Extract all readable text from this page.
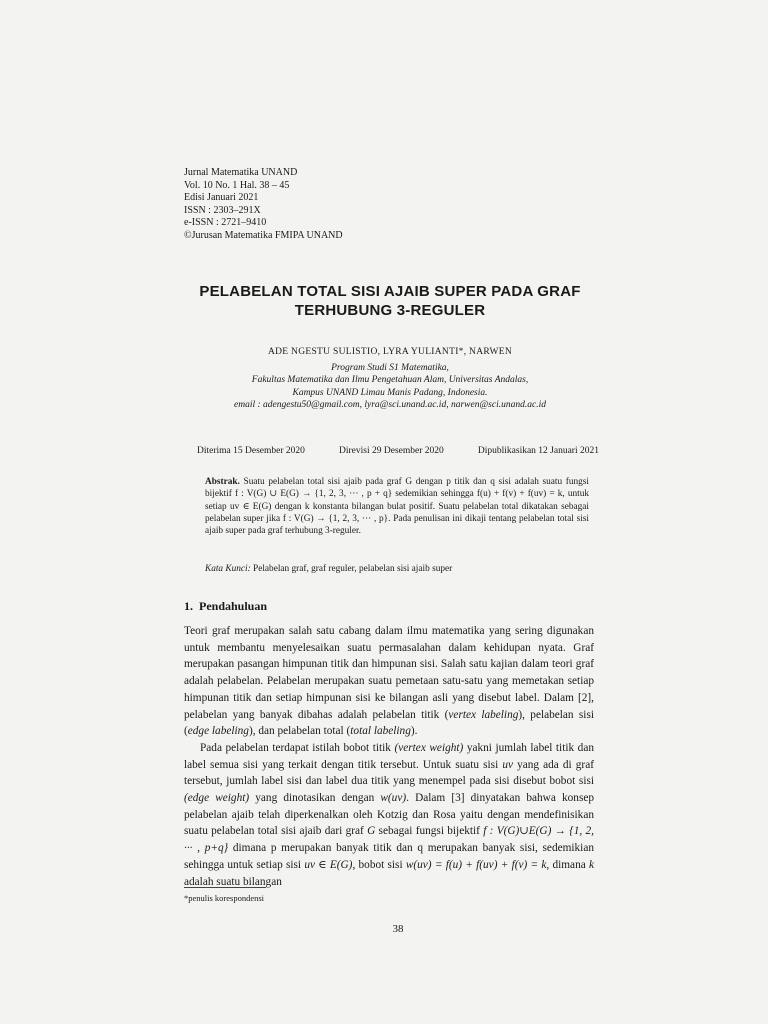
Jurnal Matematika UNAND
Vol. 10 No. 1 Hal. 38 – 45
Edisi Januari 2021
ISSN : 2303–291X
e-ISSN : 2721–9410
©Jurusan Matematika FMIPA UNAND
PELABELAN TOTAL SISI AJAIB SUPER PADA GRAF
TERHUBUNG 3-REGULER
ADE NGESTU SULISTIO, LYRA YULIANTI*, NARWEN
Program Studi S1 Matematika,
Fakultas Matematika dan Ilmu Pengetahuan Alam, Universitas Andalas,
Kampus UNAND Limau Manis Padang, Indonesia.
email : adengestu50@gmail.com, lyra@sci.unand.ac.id, narwen@sci.unand.ac.id
Diterima 15 Desember 2020	Direvisi 29 Desember 2020	Dipublikasikan 12 Januari 2021
Abstrak. Suatu pelabelan total sisi ajaib pada graf G dengan p titik dan q sisi adalah suatu fungsi bijektif f : V(G) ∪ E(G) → {1, 2, 3, ··· , p + q} sedemikian sehingga f(u) + f(v) + f(uv) = k, untuk setiap uv ∈ E(G) dengan k konstanta bilangan bulat positif. Suatu pelabelan total dikatakan sebagai pelabelan super jika f : V(G) → {1, 2, 3, ··· , p}. Pada penulisan ini dikaji tentang pelabelan total sisi ajaib super pada graf terhubung 3-reguler.
Kata Kunci: Pelabelan graf, graf reguler, pelabelan sisi ajaib super
1. Pendahuluan

Teori graf merupakan salah satu cabang dalam ilmu matematika yang sering digunakan untuk membantu menyelesaikan suatu permasalahan dalam kehidupan nyata. Graf merupakan pasangan himpunan titik dan himpunan sisi. Salah satu kajian dalam teori graf adalah pelabelan. Pelabelan merupakan suatu pemetaan satu-satu yang memetakan setiap himpunan titik dan setiap himpunan sisi ke bilangan asli yang disebut label. Dalam [2], pelabelan yang banyak dibahas adalah pelabelan titik (vertex labeling), pelabelan sisi (edge labeling), dan pelabelan total (total labeling).

Pada pelabelan terdapat istilah bobot titik (vertex weight) yakni jumlah label titik dan label semua sisi yang terkait dengan titik tersebut. Untuk suatu sisi uv yang ada di graf tersebut, jumlah label sisi dan label dua titik yang menempel pada sisi disebut bobot sisi (edge weight) yang dinotasikan dengan w(uv). Dalam [3] dinyatakan bahwa konsep pelabelan ajaib telah diperkenalkan oleh Kotzig dan Rosa yaitu dengan mendefinisikan suatu pelabelan total sisi ajaib dari graf G sebagai fungsi bijektif f : V(G)∪E(G) → {1, 2, ··· , p+q} dimana p merupakan banyak titik dan q merupakan banyak sisi, sedemikian sehingga untuk setiap sisi uv ∈ E(G), bobot sisi w(uv) = f(u) + f(uv) + f(v) = k, dimana k adalah suatu bilangan

*penulis korespondensi
38
